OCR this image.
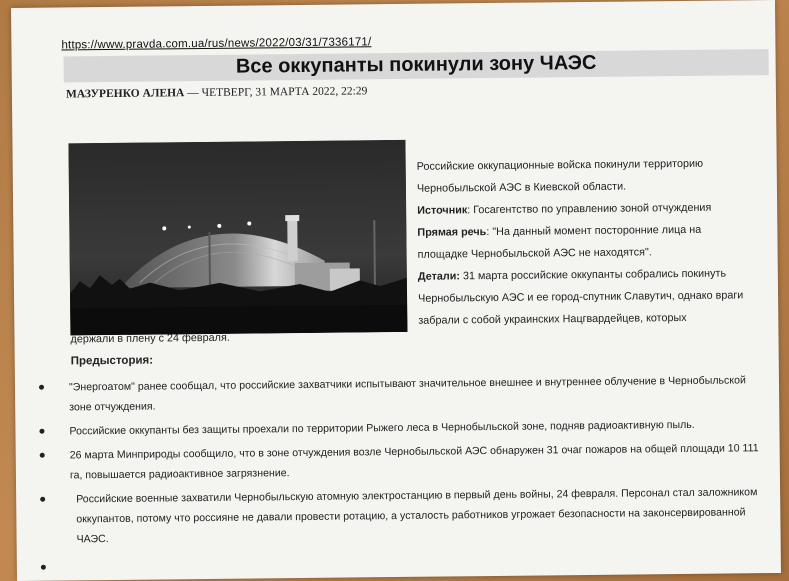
https://www.pravda.com.ua/rus/news/2022/03/31/7336171/
Все оккупанты покинули зону ЧАЭС
МАЗУРЕНКО АЛЕНА — ЧЕТВЕРГ, 31 МАРТА 2022, 22:29

Российские оккупационные войска покинули территорию Чернобыльской АЭС в Киевской области.

Источник: Госагентство по управлению зоной отчуждения

Прямая речь: "На данный момент посторонние лица на площадке Чернобыльской АЭС не находятся".

Детали: 31 марта российские оккупанты собрались покинуть Чернобыльскую АЭС и ее город-спутник Славутич, однако враги забрали с собой украинских Нацгвардейцев, которых

держали в плену с 24 февраля.
Предыстория:
"Энергоатом" ранее сообщал, что российские захватчики испытывают значительное внешнее и внутреннее облучение в Чернобыльской зоне отчуждения.
Российские оккупанты без защиты проехали по территории Рыжего леса в Чернобыльской зоне, подняв радиоактивную пыль.
26 марта Минприроды сообщило, что в зоне отчуждения возле Чернобыльской АЭС обнаружен 31 очаг пожаров на общей площади 10 111 га, повышается радиоактивное загрязнение.
Российские военные захватили Чернобыльскую атомную электростанцию в первый день войны, 24 февраля. Персонал стал заложником оккупантов, потому что россияне не давали провести ротацию, а усталость работников угрожает безопасности на законсервированной ЧАЭС.
